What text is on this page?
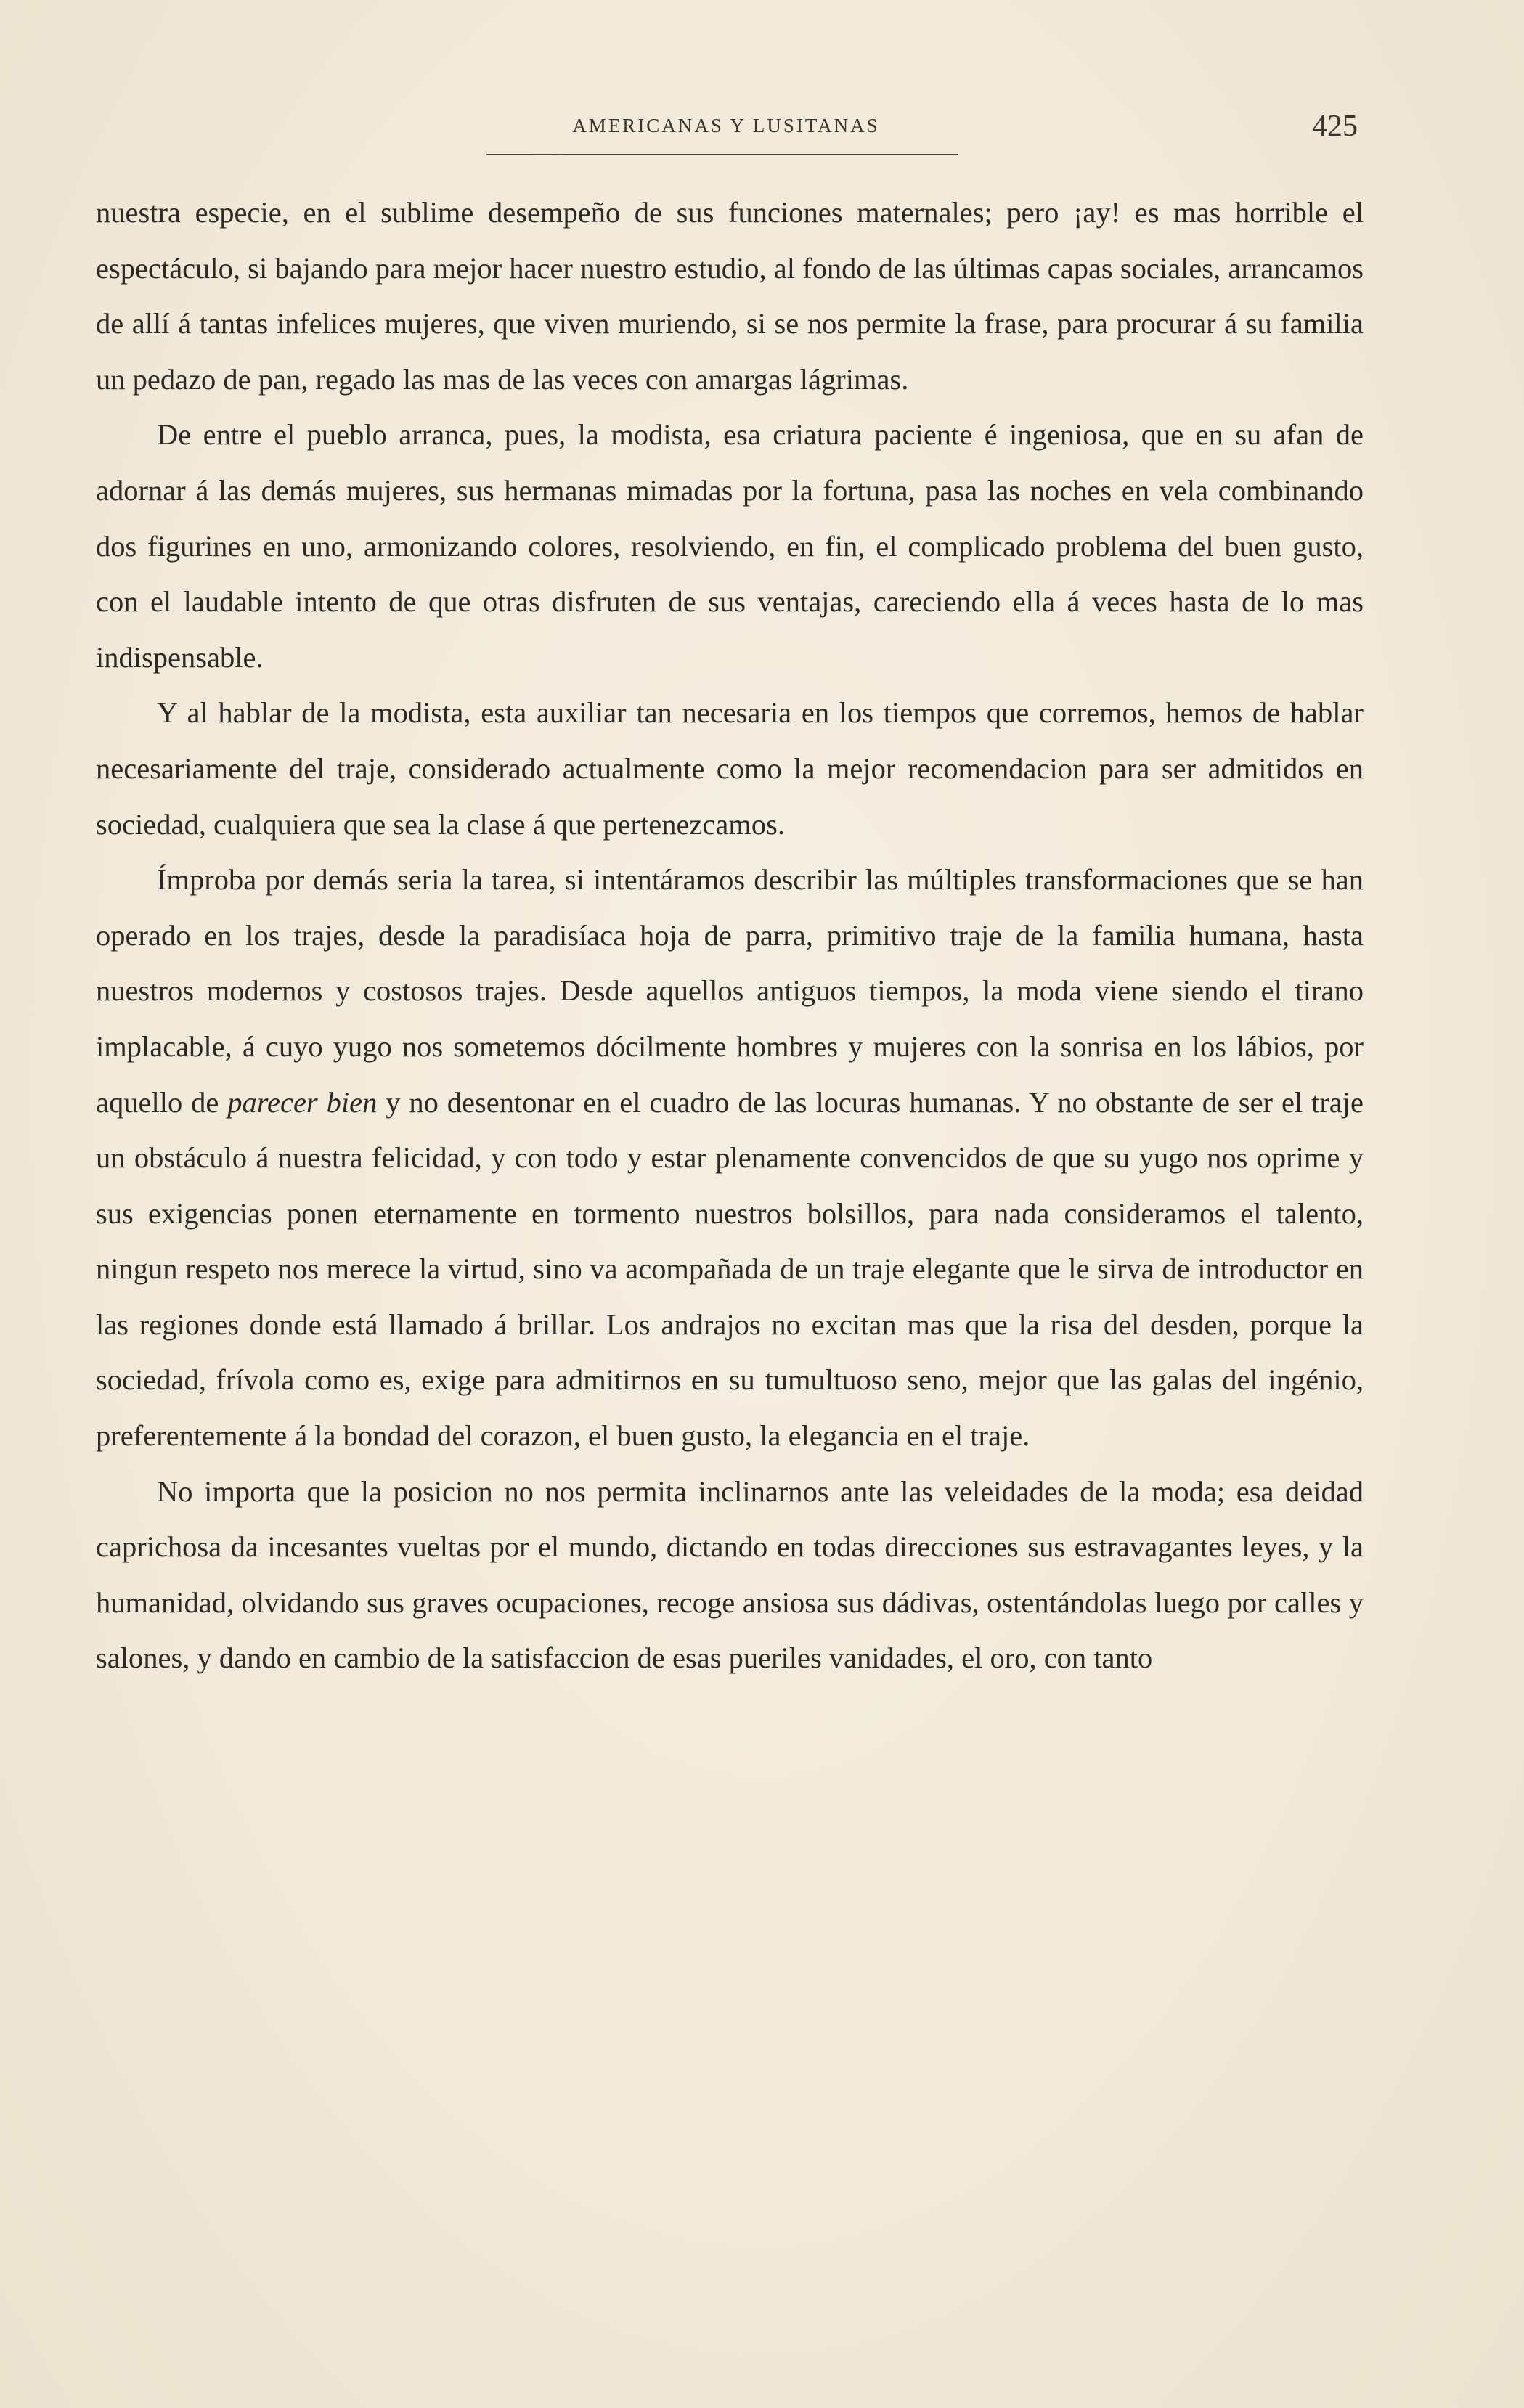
AMERICANAS Y LUSITANAS	425

nuestra especie, en el sublime desempeño de sus funciones maternales; pero ¡ay! es mas horrible el espectáculo, si bajando para mejor hacer nuestro estudio, al fondo de las últimas capas sociales, arrancamos de allí á tantas infelices mujeres, que viven muriendo, si se nos permite la frase, para procurar á su familia un pedazo de pan, regado las mas de las veces con amargas lágrimas.

De entre el pueblo arranca, pues, la modista, esa criatura paciente é ingeniosa, que en su afan de adornar á las demás mujeres, sus hermanas mimadas por la fortuna, pasa las noches en vela combinando dos figurines en uno, armonizando colores, resolviendo, en fin, el complicado problema del buen gusto, con el laudable intento de que otras disfruten de sus ventajas, careciendo ella á veces hasta de lo mas indispensable.

Y al hablar de la modista, esta auxiliar tan necesaria en los tiempos que corremos, hemos de hablar necesariamente del traje, considerado actualmente como la mejor recomendacion para ser admitidos en sociedad, cualquiera que sea la clase á que pertenezcamos.

Ímproba por demás seria la tarea, si intentáramos describir las múltiples transformaciones que se han operado en los trajes, desde la paradisíaca hoja de parra, primitivo traje de la familia humana, hasta nuestros modernos y costosos trajes. Desde aquellos antiguos tiempos, la moda viene siendo el tirano implacable, á cuyo yugo nos sometemos dócilmente hombres y mujeres con la sonrisa en los lábios, por aquello de parecer bien y no desentonar en el cuadro de las locuras humanas. Y no obstante de ser el traje un obstáculo á nuestra felicidad, y con todo y estar plenamente convencidos de que su yugo nos oprime y sus exigencias ponen eternamente en tormento nuestros bolsillos, para nada consideramos el talento, ningun respeto nos merece la virtud, sino va acompañada de un traje elegante que le sirva de introductor en las regiones donde está llamado á brillar. Los andrajos no excitan mas que la risa del desden, porque la sociedad, frívola como es, exige para admitirnos en su tumultuoso seno, mejor que las galas del ingénio, preferentemente á la bondad del corazon, el buen gusto, la elegancia en el traje.

No importa que la posicion no nos permita inclinarnos ante las veleidades de la moda; esa deidad caprichosa da incesantes vueltas por el mundo, dictando en todas direcciones sus estravagantes leyes, y la humanidad, olvidando sus graves ocupaciones, recoge ansiosa sus dádivas, ostentándolas luego por calles y salones, y dando en cambio de la satisfaccion de esas pueriles vanidades, el oro, con tanto
